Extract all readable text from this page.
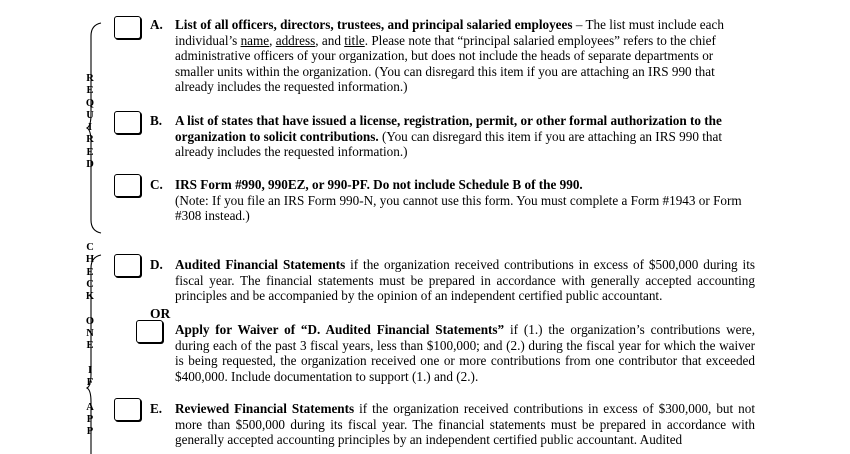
R
E
Q
U
I
R
E
D
C
H
E
C
K

O
N
E

I
F

A
P
P
A. List of all officers, directors, trustees, and principal salaried employees – The list must include each individual’s name, address, and title. Please note that “principal salaried employees” refers to the chief administrative officers of your organization, but does not include the heads of separate departments or smaller units within the organization. (You can disregard this item if you are attaching an IRS 990 that already includes the requested information.)
B. A list of states that have issued a license, registration, permit, or other formal authorization to the organization to solicit contributions. (You can disregard this item if you are attaching an IRS 990 that already includes the requested information.)
C. IRS Form #990, 990EZ, or 990-PF. Do not include Schedule B of the 990.
(Note: If you file an IRS Form 990-N, you cannot use this form. You must complete a Form #1943 or Form #308 instead.)
D. Audited Financial Statements if the organization received contributions in excess of $500,000 during its fiscal year. The financial statements must be prepared in accordance with generally accepted accounting principles and be accompanied by the opinion of an independent certified public accountant.
OR
Apply for Waiver of “D. Audited Financial Statements” if (1.) the organization’s contributions were, during each of the past 3 fiscal years, less than $100,000; and (2.) during the fiscal year for which the waiver is being requested, the organization received one or more contributions from one contributor that exceeded $400,000. Include documentation to support (1.) and (2.).
E. Reviewed Financial Statements if the organization received contributions in excess of $300,000, but not more than $500,000 during its fiscal year. The financial statements must be prepared in accordance with generally accepted accounting principles by an independent certified public accountant. Audited
